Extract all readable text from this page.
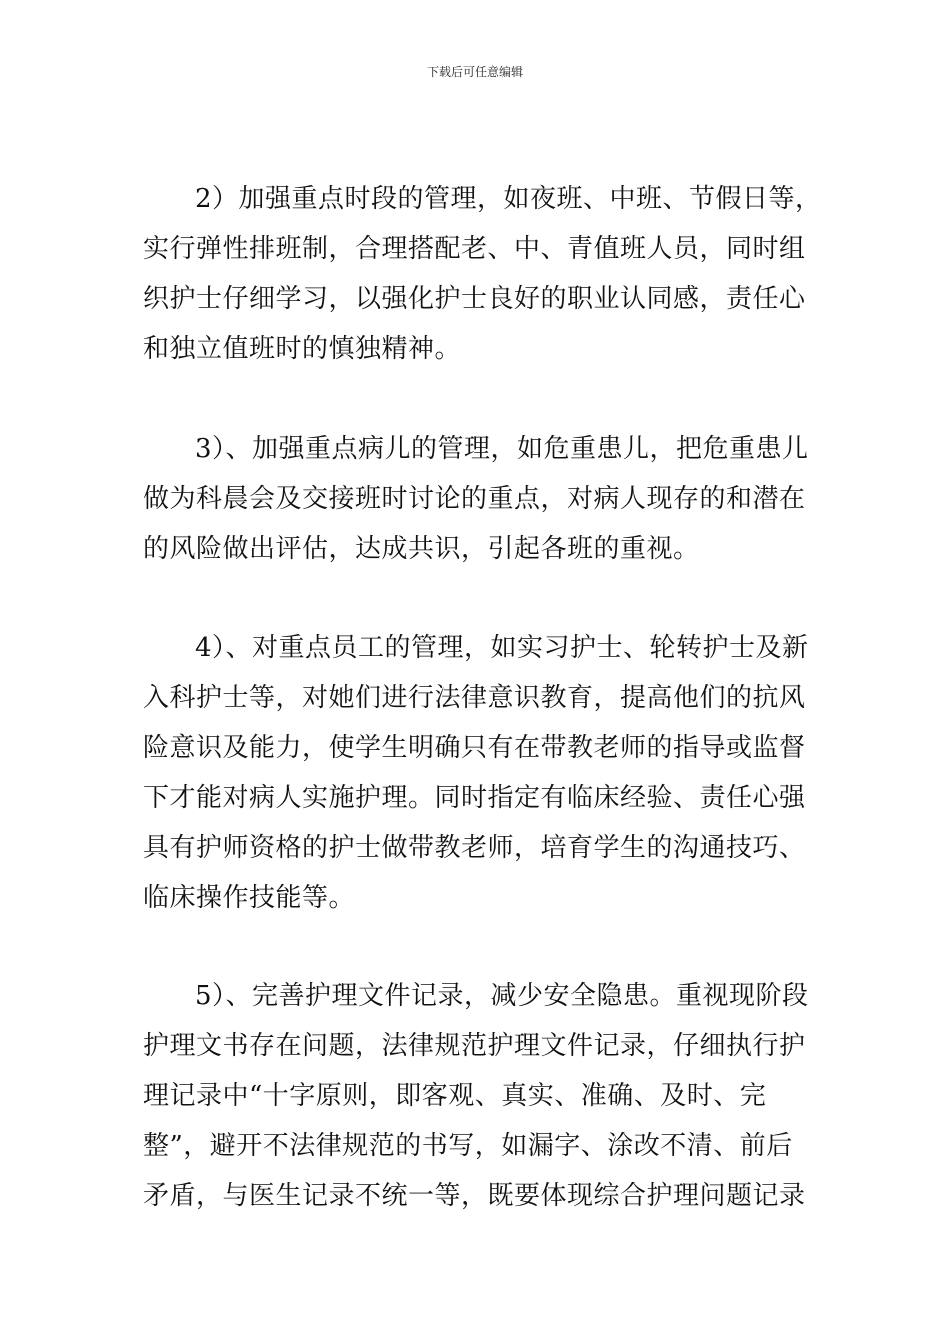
下载后可任意编辑
2）加强重点时段的管理，如夜班、中班、节假日等，
实行弹性排班制，合理搭配老、中、青值班人员，同时组
织护士仔细学习，以强化护士良好的职业认同感，责任心
和独立值班时的慎独精神。
3）、加强重点病儿的管理，如危重患儿，把危重患儿
做为科晨会及交接班时讨论的重点，对病人现存的和潜在
的风险做出评估，达成共识，引起各班的重视。
4）、对重点员工的管理，如实习护士、轮转护士及新
入科护士等，对她们进行法律意识教育，提高他们的抗风
险意识及能力，使学生明确只有在带教老师的指导或监督
下才能对病人实施护理。同时指定有临床经验、责任心强
具有护师资格的护士做带教老师，培育学生的沟通技巧、
临床操作技能等。
5）、完善护理文件记录，减少安全隐患。重视现阶段
护理文书存在问题，法律规范护理文件记录，仔细执行护
理记录中“十字原则，即客观、真实、准确、及时、完
整”，避开不法律规范的书写，如漏字、涂改不清、前后
矛盾，与医生记录不统一等，既要体现综合护理问题记录
